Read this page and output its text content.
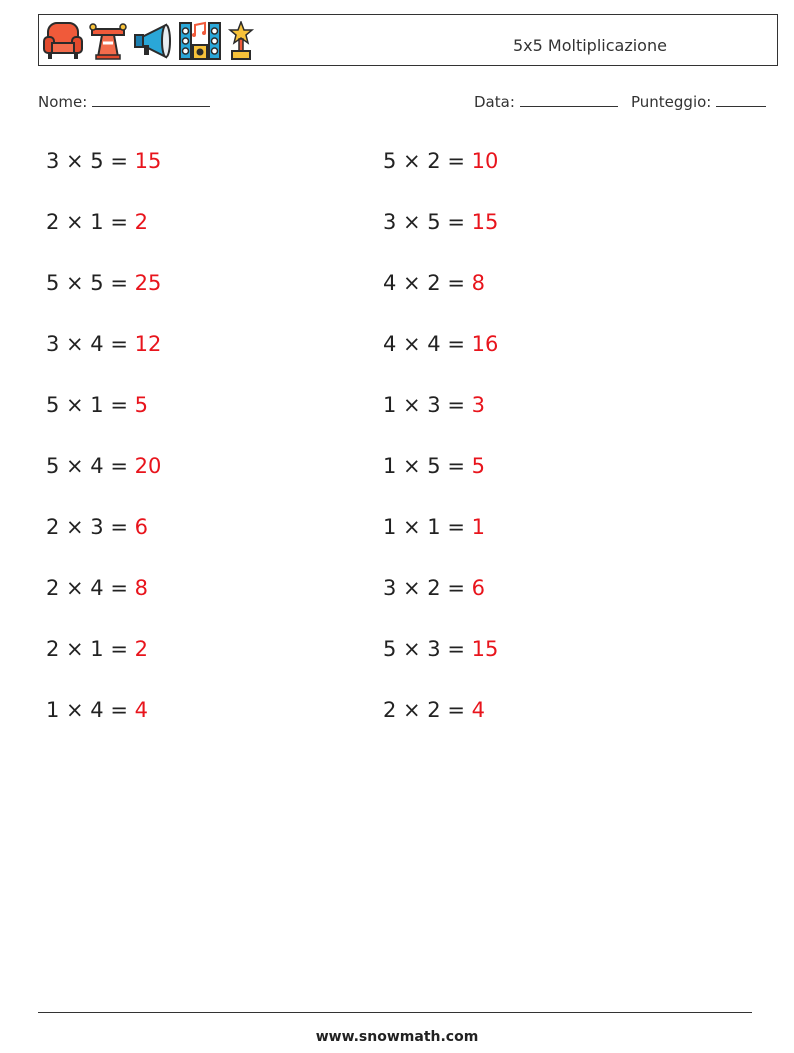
5x5 Moltiplicazione
Nome:	Data:	Punteggio:
3 × 5 = 15
2 × 1 = 2
5 × 5 = 25
3 × 4 = 12
5 × 1 = 5
5 × 4 = 20
2 × 3 = 6
2 × 4 = 8
2 × 1 = 2
1 × 4 = 4
5 × 2 = 10
3 × 5 = 15
4 × 2 = 8
4 × 4 = 16
1 × 3 = 3
1 × 5 = 5
1 × 1 = 1
3 × 2 = 6
5 × 3 = 15
2 × 2 = 4
www.snowmath.com
